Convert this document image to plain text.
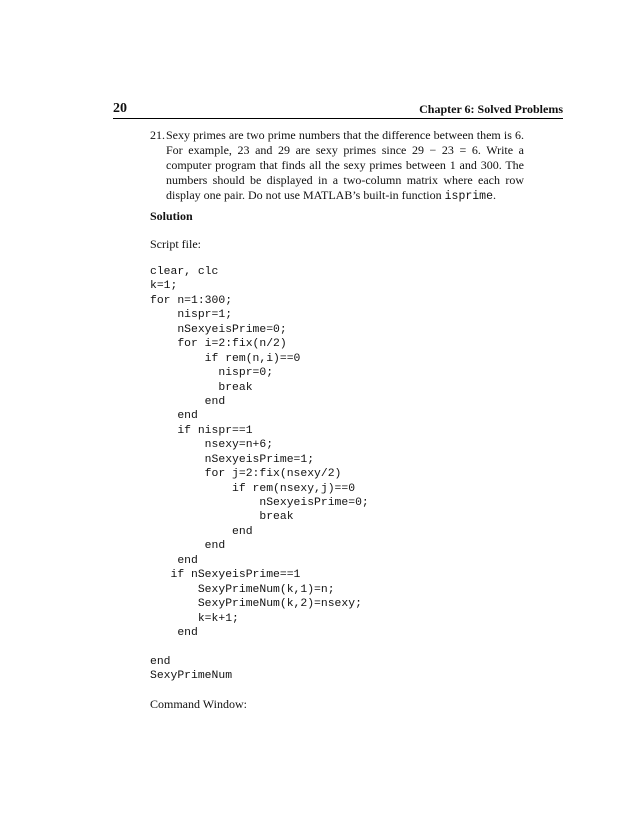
20	Chapter 6: Solved Problems
21. Sexy primes are two prime numbers that the difference between them is 6. For example, 23 and 29 are sexy primes since 29 − 23 = 6. Write a computer program that finds all the sexy primes between 1 and 300. The numbers should be displayed in a two-column matrix where each row display one pair. Do not use MATLAB’s built-in function isprime.
Solution
Script file:
clear, clc
k=1;
for n=1:300;
nispr=1;
nSexyeisPrime=0;
for i=2:fix(n/2)
if rem(n,i)==0
nispr=0;
break
end
end
if nispr==1
nsexy=n+6;
nSexyeisPrime=1;
for j=2:fix(nsexy/2)
if rem(nsexy,j)==0
nSexyeisPrime=0;
break
end
end
end
if nSexyeisPrime==1
SexyPrimeNum(k,1)=n;
SexyPrimeNum(k,2)=nsexy;
k=k+1;
end
end
SexyPrimeNum
Command Window:
